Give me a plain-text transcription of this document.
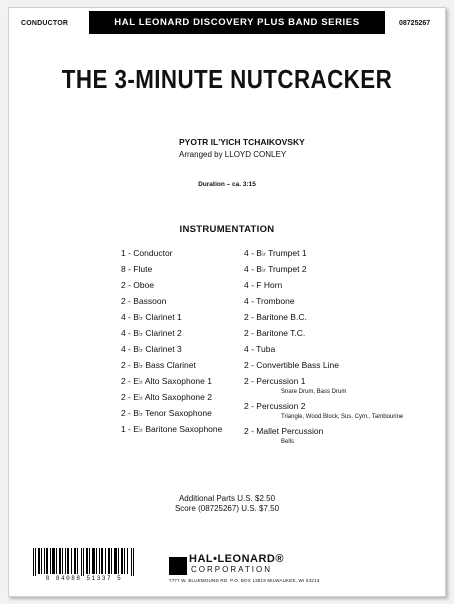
CONDUCTOR	HAL LEONARD DISCOVERY PLUS BAND SERIES	08725267
THE 3-MINUTE NUTCRACKER
PYOTR IL'YICH TCHAIKOVSKY
Arranged by LLOYD CONLEY
Duration – ca. 3:15
INSTRUMENTATION
1 - Conductor
8 - Flute
2 - Oboe
2 - Bassoon
4 - B♭ Clarinet 1
4 - B♭ Clarinet 2
4 - B♭ Clarinet 3
2 - B♭ Bass Clarinet
2 - E♭ Alto Saxophone 1
2 - E♭ Alto Saxophone 2
2 - B♭ Tenor Saxophone
1 - E♭ Baritone Saxophone
4 - B♭ Trumpet 1
4 - B♭ Trumpet 2
4 - F Horn
4 - Trombone
2 - Baritone B.C.
2 - Baritone T.C.
4 - Tuba
2 - Convertible Bass Line
2 - Percussion 1
Snare Drum, Bass Drum
2 - Percussion 2
Triangle, Wood Block, Sus. Cym., Tambourine
2 - Mallet Percussion
Bells
Additional Parts U.S. $2.50
Score (08725267) U.S. $7.50
8 84088 51337 5
HAL•LEONARD®
CORPORATION
7777 W. BLUEMOUND RD. P.O. BOX 13819 MILWAUKEE, WI 53213
